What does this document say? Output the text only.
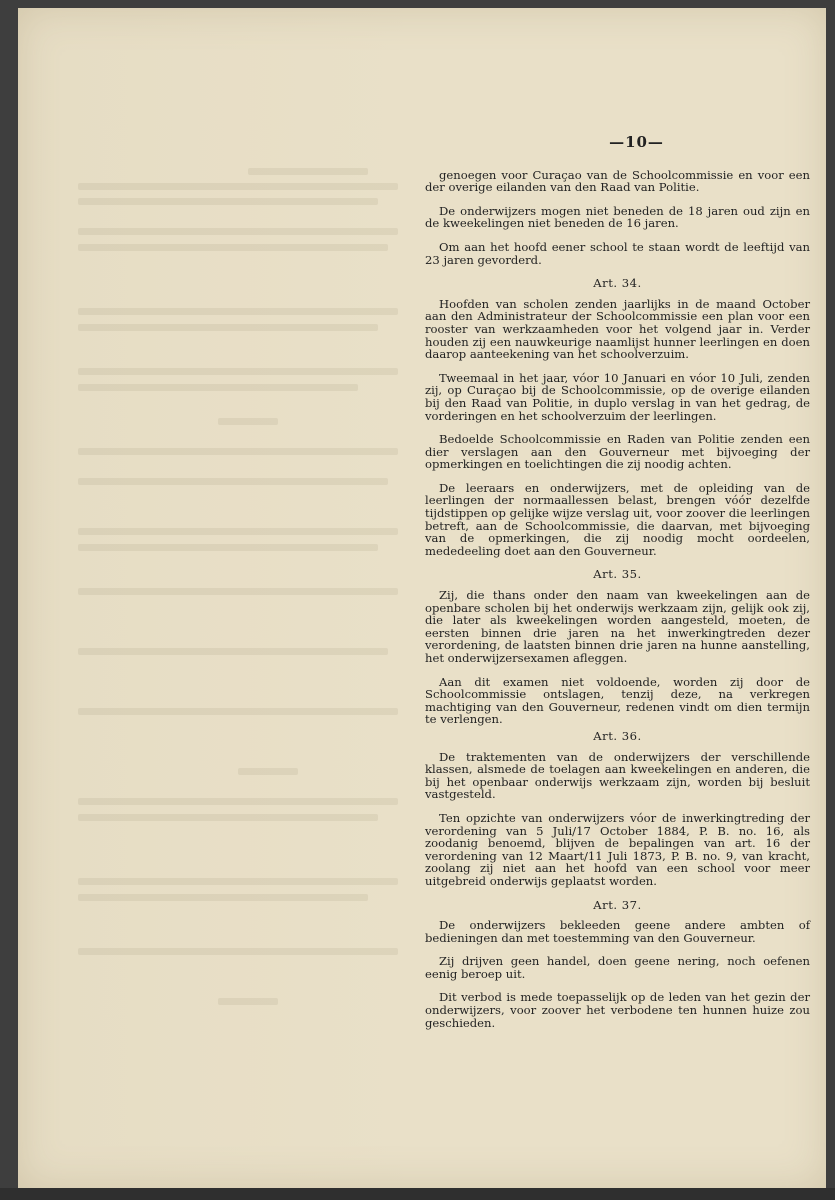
—10—

genoegen voor Curaçao van de Schoolcommissie en voor een der overige eilanden van den Raad van Politie.

De onderwijzers mogen niet beneden de 18 jaren oud zijn en de kweekelingen niet beneden de 16 jaren.

Om aan het hoofd eener school te staan wordt de leeftijd van 23 jaren gevorderd.

Art. 34.

Hoofden van scholen zenden jaarlijks in de maand October aan den Administrateur der Schoolcommissie een plan voor een rooster van werkzaamheden voor het volgend jaar in. Verder houden zij een nauwkeurige naamlijst hunner leerlingen en doen daarop aanteekening van het schoolverzuim.

Tweemaal in het jaar, vóor 10 Januari en vóor 10 Juli, zenden zij, op Curaçao bij de Schoolcommissie, op de overige eilanden bij den Raad van Politie, in duplo verslag in van het gedrag, de vorderingen en het schoolverzuim der leerlingen.

Bedoelde Schoolcommissie en Raden van Politie zenden een dier verslagen aan den Gouverneur met bijvoeging der opmerkingen en toelichtingen die zij noodig achten.

De leeraars en onderwijzers, met de opleiding van de leerlingen der normaallessen belast, brengen vóór dezelfde tijdstippen op gelijke wijze verslag uit, voor zoover die leerlingen betreft, aan de Schoolcommissie, die daarvan, met bijvoeging van de opmerkingen, die zij noodig mocht oordeelen, mededeeling doet aan den Gouverneur.

Art. 35.

Zij, die thans onder den naam van kweekelingen aan de openbare scholen bij het onderwijs werkzaam zijn, gelijk ook zij, die later als kweekelingen worden aangesteld, moeten, de eersten binnen drie jaren na het inwerkingtreden dezer verordening, de laatsten binnen drie jaren na hunne aanstelling, het onderwijzersexamen afleggen.

Aan dit examen niet voldoende, worden zij door de Schoolcommissie ontslagen, tenzij deze, na verkregen machtiging van den Gouverneur, redenen vindt om dien termijn te verlengen.

Art. 36.

De traktementen van de onderwijzers der verschillende klassen, alsmede de toelagen aan kweekelingen en anderen, die bij het openbaar onderwijs werkzaam zijn, worden bij besluit vastgesteld.

Ten opzichte van onderwijzers vóor de inwerkingtreding der verordening van 5 Juli/17 October 1884, P. B. no. 16, als zoodanig benoemd, blijven de bepalingen van art. 16 der verordening van 12 Maart/11 Juli 1873, P. B. no. 9, van kracht, zoolang zij niet aan het hoofd van een school voor meer uitgebreid onderwijs geplaatst worden.

Art. 37.

De onderwijzers bekleeden geene andere ambten of bedieningen dan met toestemming van den Gouverneur.

Zij drijven geen handel, doen geene nering, noch oefenen eenig beroep uit.

Dit verbod is mede toepasselijk op de leden van het gezin der onderwijzers, voor zoover het verbodene ten hunnen huize zou geschieden.
